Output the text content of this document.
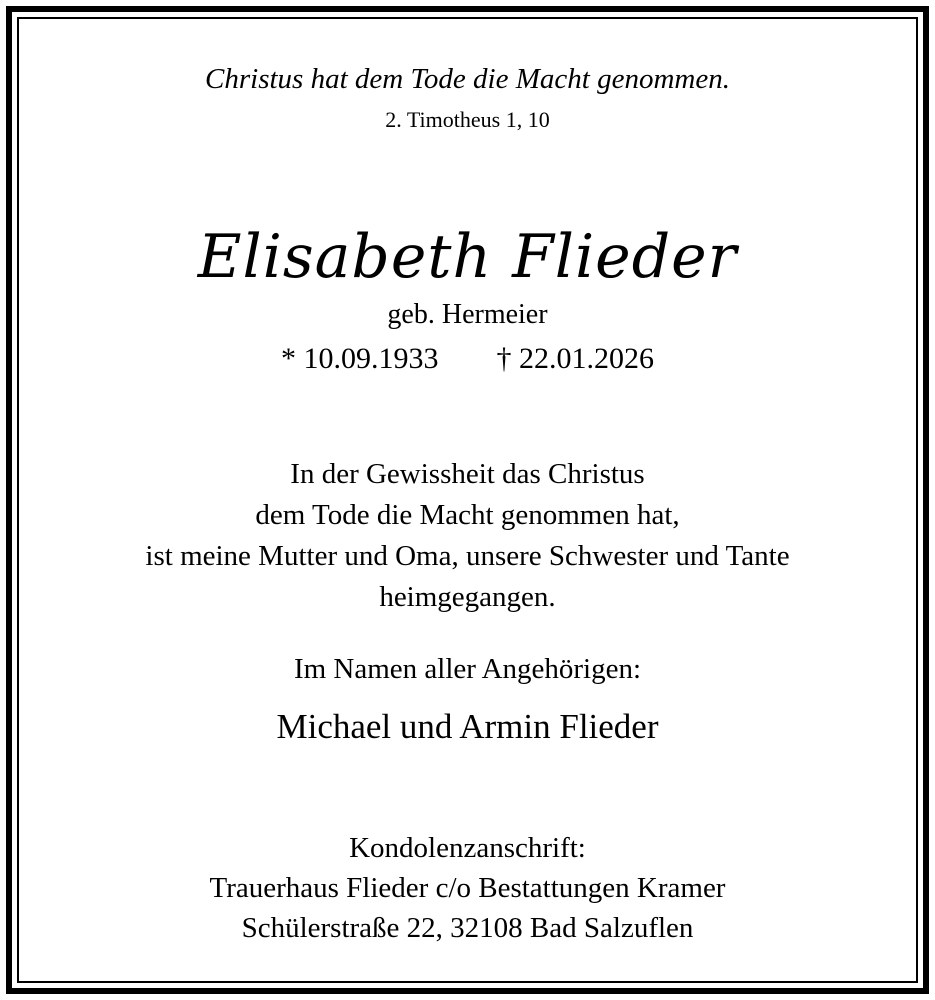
Christus hat dem Tode die Macht genommen.

2. Timotheus 1, 10

Elisabeth Flieder

geb. Hermeier

* 10.09.1933 † 22.01.2026

In der Gewissheit das Christus
dem Tode die Macht genommen hat,
ist meine Mutter und Oma, unsere Schwester und Tante
heimgegangen.

Im Namen aller Angehörigen:

Michael und Armin Flieder

Kondolenzanschrift:
Trauerhaus Flieder c/o Bestattungen Kramer
Schülerstraße 22, 32108 Bad Salzuflen
